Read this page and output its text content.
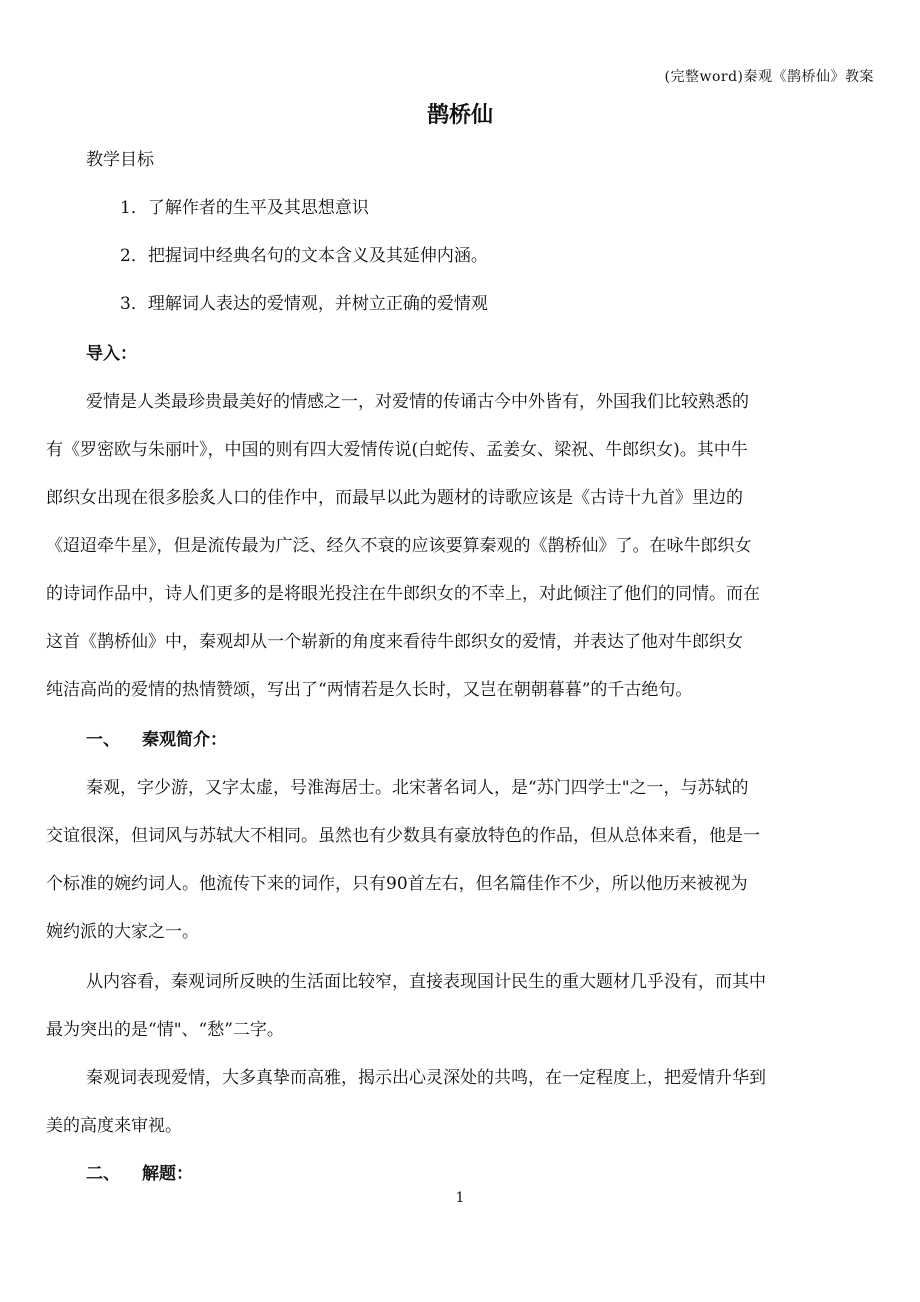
(完整word)秦观《鹊桥仙》教案
鹊桥仙
教学目标
1．了解作者的生平及其思想意识
2．把握词中经典名句的文本含义及其延伸内涵。
3．理解词人表达的爱情观，并树立正确的爱情观
导入：
爱情是人类最珍贵最美好的情感之一，对爱情的传诵古今中外皆有，外国我们比较熟悉的
有《罗密欧与朱丽叶》，中国的则有四大爱情传说(白蛇传、孟姜女、梁祝、牛郎织女)。其中牛
郎织女出现在很多脍炙人口的佳作中，而最早以此为题材的诗歌应该是《古诗十九首》里边的
《迢迢牵牛星》，但是流传最为广泛、经久不衰的应该要算秦观的《鹊桥仙》了。在咏牛郎织女
的诗词作品中，诗人们更多的是将眼光投注在牛郎织女的不幸上，对此倾注了他们的同情。而在
这首《鹊桥仙》中，秦观却从一个崭新的角度来看待牛郎织女的爱情，并表达了他对牛郎织女
纯洁高尚的爱情的热情赞颂，写出了“两情若是久长时，又岂在朝朝暮暮”的千古绝句。
一、 秦观简介：
秦观，字少游，又字太虚，号淮海居士。北宋著名词人，是“苏门四学士"之一，与苏轼的
交谊很深，但词风与苏轼大不相同。虽然也有少数具有豪放特色的作品，但从总体来看，他是一
个标准的婉约词人。他流传下来的词作，只有90首左右，但名篇佳作不少，所以他历来被视为
婉约派的大家之一。
从内容看，秦观词所反映的生活面比较窄，直接表现国计民生的重大题材几乎没有，而其中
最为突出的是“情"、“愁”二字。
秦观词表现爱情，大多真挚而高雅，揭示出心灵深处的共鸣，在一定程度上，把爱情升华到
美的高度来审视。
二、 解题：
1
